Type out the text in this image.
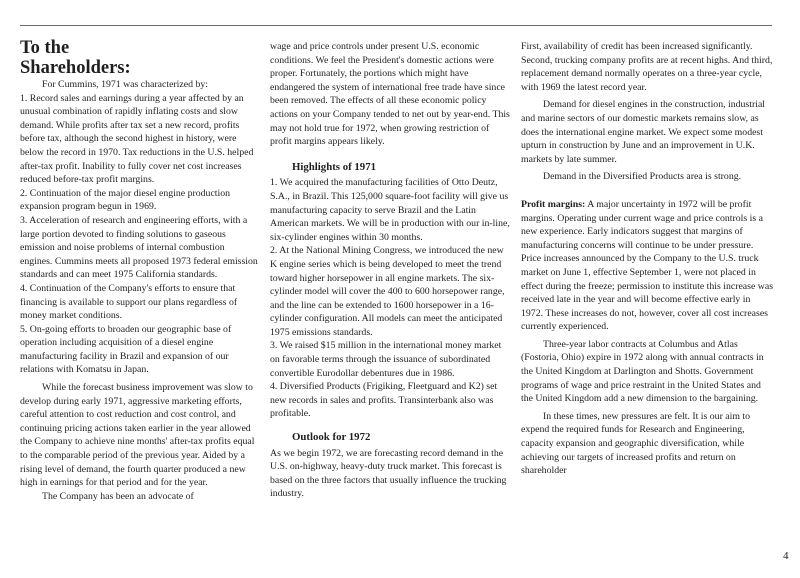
To the
Shareholders:

For Cummins, 1971 was characterized by:

1. Record sales and earnings during a year affected by an unusual combination of rapidly inflating costs and slow demand. While profits after tax set a new record, profits before tax, although the second highest in history, were below the record in 1970. Tax reductions in the U.S. helped after-tax profit. Inability to fully cover net cost increases reduced before-tax profit margins.

2. Continuation of the major diesel engine production expansion program begun in 1969.

3. Acceleration of research and engineering efforts, with a large portion devoted to finding solutions to gaseous emission and noise problems of internal combustion engines. Cummins meets all proposed 1973 federal emission standards and can meet 1975 California standards.

4. Continuation of the Company's efforts to ensure that financing is available to support our plans regardless of money market conditions.

5. On-going efforts to broaden our geographic base of operation including acquisition of a diesel engine manufacturing facility in Brazil and expansion of our relations with Komatsu in Japan.

While the forecast business improvement was slow to develop during early 1971, aggressive marketing efforts, careful attention to cost reduction and cost control, and continuing pricing actions taken earlier in the year allowed the Company to achieve nine months' after-tax profits equal to the comparable period of the previous year. Aided by a rising level of demand, the fourth quarter produced a new high in earnings for that period and for the year.

The Company has been an advocate of

wage and price controls under present U.S. economic conditions. We feel the President's domestic actions were proper. Fortunately, the portions which might have endangered the system of international free trade have since been removed. The effects of all these economic policy actions on your Company tended to net out by year-end. This may not hold true for 1972, when growing restriction of profit margins appears likely.

Highlights of 1971

1. We acquired the manufacturing facilities of Otto Deutz, S.A., in Brazil. This 125,000 square-foot facility will give us manufacturing capacity to serve Brazil and the Latin American markets. We will be in production with our in-line, six-cylinder engines within 30 months.

2. At the National Mining Congress, we introduced the new K engine series which is being developed to meet the trend toward higher horsepower in all engine markets. The six-cylinder model will cover the 400 to 600 horsepower range, and the line can be extended to 1600 horsepower in a 16-cylinder configuration. All models can meet the anticipated 1975 emissions standards.

3. We raised $15 million in the international money market on favorable terms through the issuance of subordinated convertible Eurodollar debentures due in 1986.

4. Diversified Products (Frigiking, Fleetguard and K2) set new records in sales and profits. Transinterbank also was profitable.

Outlook for 1972

As we begin 1972, we are forecasting record demand in the U.S. on-highway, heavy-duty truck market. This forecast is based on the three factors that usually influence the trucking industry.

First, availability of credit has been increased significantly. Second, trucking company profits are at recent highs. And third, replacement demand normally operates on a three-year cycle, with 1969 the latest record year.

Demand for diesel engines in the construction, industrial and marine sectors of our domestic markets remains slow, as does the international engine market. We expect some modest upturn in construction by June and an improvement in U.K. markets by late summer.

Demand in the Diversified Products area is strong.

Profit margins: A major uncertainty in 1972 will be profit margins. Operating under current wage and price controls is a new experience. Early indicators suggest that margins of manufacturing concerns will continue to be under pressure. Price increases announced by the Company to the U.S. truck market on June 1, effective September 1, were not placed in effect during the freeze; permission to institute this increase was received late in the year and will become effective early in 1972. These increases do not, however, cover all cost increases currently experienced.

Three-year labor contracts at Columbus and Atlas (Fostoria, Ohio) expire in 1972 along with annual contracts in the United Kingdom at Darlington and Shotts. Government programs of wage and price restraint in the United States and the United Kingdom add a new dimension to the bargaining.

In these times, new pressures are felt. It is our aim to expend the required funds for Research and Engineering, capacity expansion and geographic diversification, while achieving our targets of increased profits and return on shareholder

4
